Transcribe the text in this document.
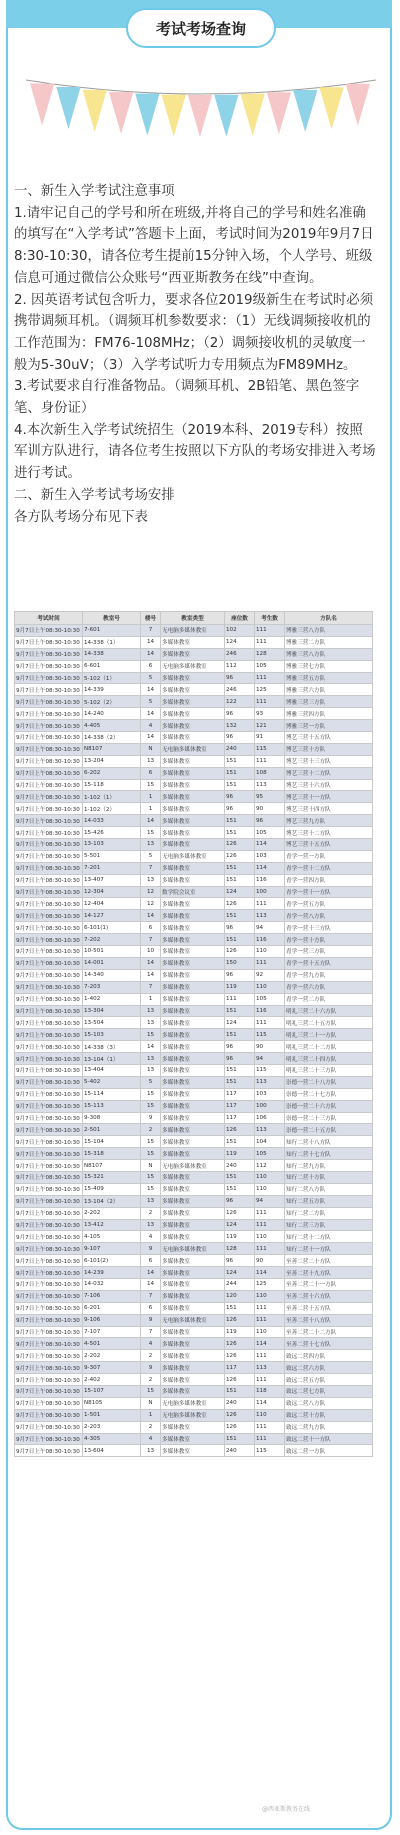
考试考场查询

一、新生入学考试注意事项

1.请牢记自己的学号和所在班级,并将自己的学号和姓名准确的填写在“入学考试”答题卡上面，考试时间为2019年9月7日8:30-10:30，请各位考生提前15分钟入场，个人学号、班级信息可通过微信公众账号“西亚斯教务在线”中查询。

2. 因英语考试包含听力，要求各位2019级新生在考试时必须携带调频耳机。（调频耳机参数要求：（1）无线调频接收机的工作范围为：FM76-108MHz；（2）调频接收机的灵敏度一般为5-30uV；（3）入学考试听力专用频点为FM89MHz。

3.考试要求自行准备物品。（调频耳机、2B铅笔、黑色签字笔、身份证）

4.本次新生入学考试统招生（2019本科、2019专科）按照军训方队进行，请各位考生按照以下方队的考场安排进入考场进行考试。

二、新生入学考试考场安排

各方队考场分布见下表

考试时间	教室号	楼号	教室类型	座位数	考生数	方队名
9月7日上午08:30-10:30	7-601	7	无电脑多媒体教室	102	111	博雅三营八方队
9月7日上午08:30-10:30	14-338（1）	14	多媒体教室	124	111	博雅三营二方队
9月7日上午08:30-10:30	14-338	14	多媒体教室	246	128	博雅三营八方队
9月7日上午08:30-10:30	6-601	6	无电脑多媒体教室	112	105	博雅三营七方队
9月7日上午08:30-10:30	5-102（1）	5	多媒体教室	96	111	博雅三营五方队
9月7日上午08:30-10:30	14-339	14	多媒体教室	246	125	博雅三营六方队
9月7日上午08:30-10:30	5-102（2）	5	多媒体教室	122	111	博雅三营三方队
9月7日上午08:30-10:30	14-240	14	多媒体教室	96	93	博雅三营四方队
9月7日上午08:30-10:30	4-405	4	多媒体教室	132	121	博雅三营一方队
9月7日上午08:30-10:30	14-338（2）	14	多媒体教室	96	91	博艺三营十五方队
9月7日上午08:30-10:30	N8107	N	无电脑多媒体教室	240	115	博艺三营十方队
9月7日上午08:30-10:30	13-204	13	多媒体教室	151	111	博艺三营十三方队
9月7日上午08:30-10:30	6-202	6	多媒体教室	151	108	博艺三营十二方队
9月7日上午08:30-10:30	15-118	15	多媒体教室	151	113	博艺三营十六方队
9月7日上午08:30-10:30	1-102（1）	1	多媒体教室	96	95	博艺三营十一方队
9月7日上午08:30-10:30	1-102（2）	1	多媒体教室	96	90	博艺三营十四方队
9月7日上午08:30-10:30	14-033	14	多媒体教室	151	96	博艺三营九方队
9月7日上午08:30-10:30	15-426	15	多媒体教室	151	105	博艺三营十二方队
9月7日上午08:30-10:30	13-103	13	多媒体教室	126	114	博艺三营十五方队
9月7日上午08:30-10:30	5-501	5	无电脑多媒体教室	126	103	青学一营一方队
9月7日上午08:30-10:30	7-201	7	多媒体教室	151	114	青学一营十二方队
9月7日上午08:30-10:30	13-407	13	多媒体教室	151	116	青学一营四方队
9月7日上午08:30-10:30	12-304	12	数学院会议室	124	100	青学一营十一方队
9月7日上午08:30-10:30	12-404	12	多媒体教室	126	111	青学一营五方队
9月7日上午08:30-10:30	14-127	14	多媒体教室	151	113	青学一营八方队
9月7日上午08:30-10:30	6-101(1)	6	多媒体教室	96	94	青学一营十三方队
9月7日上午08:30-10:30	7-202	7	多媒体教室	151	116	青学一营十方队
9月7日上午08:30-10:30	10-501	10	多媒体教室	126	110	青学一营三方队
9月7日上午08:30-10:30	14-001	14	多媒体教室	150	111	青学一营十五方队
9月7日上午08:30-10:30	14-340	14	多媒体教室	96	92	青学一营九方队
9月7日上午08:30-10:30	7-203	7	多媒体教室	119	110	青学一营六方队
9月7日上午08:30-10:30	1-402	1	多媒体教室	111	105	青学一营二方队
9月7日上午08:30-10:30	13-304	13	多媒体教室	151	116	明礼三营二十六方队
9月7日上午08:30-10:30	13-504	13	多媒体教室	124	111	明礼三营二十五方队
9月7日上午08:30-10:30	15-103	15	多媒体教室	151	115	明礼三营二十一方队
9月7日上午08:30-10:30	14-338（3）	14	多媒体教室	96	90	明礼三营二十二方队
9月7日上午08:30-10:30	13-104（1）	13	多媒体教室	96	94	明礼三营二十四方队
9月7日上午08:30-10:30	13-404	13	多媒体教室	151	115	明礼三营二十三方队
9月7日上午08:30-10:30	5-402	5	多媒体教室	151	113	崇德一营二十八方队
9月7日上午08:30-10:30	15-114	15	多媒体教室	117	103	崇德一营二十七方队
9月7日上午08:30-10:30	15-113	15	多媒体教室	117	100	崇德一营二十六方队
9月7日上午08:30-10:30	9-308	9	多媒体教室	117	106	崇德一营二十三方队
9月7日上午08:30-10:30	2-501	2	多媒体教室	126	113	崇德一营二十五方队
9月7日上午08:30-10:30	15-104	15	多媒体教室	151	104	知行二营十八方队
9月7日上午08:30-10:30	15-318	15	多媒体教室	119	105	知行二营十七方队
9月7日上午08:30-10:30	N8107	N	无电脑多媒体教室	240	112	知行二营九方队
9月7日上午08:30-10:30	15-321	15	多媒体教室	151	110	知行二营十方队
9月7日上午08:30-10:30	15-409	15	多媒体教室	151	110	知行二营八方队
9月7日上午08:30-10:30	13-104（2）	13	多媒体教室	96	94	知行二营五方队
9月7日上午08:30-10:30	2-202	2	多媒体教室	126	111	知行二营二方队
9月7日上午08:30-10:30	13-412	13	多媒体教室	124	111	知行二营三方队
9月7日上午08:30-10:30	4-105	4	多媒体教室	119	110	知行二营十二方队
9月7日上午08:30-10:30	9-107	9	无电脑多媒体教室	128	111	知行二营十一方队
9月7日上午08:30-10:30	6-101(2)	6	多媒体教室	96	90	至善二营二十方队
9月7日上午08:30-10:30	14-239	14	多媒体教室	124	114	至善二营十九方队
9月7日上午08:30-10:30	14-032	14	多媒体教室	244	125	至善二营二十一方队
9月7日上午08:30-10:30	7-106	7	多媒体教室	120	110	至善二营十六方队
9月7日上午08:30-10:30	6-201	6	多媒体教室	151	111	至善二营十五方队
9月7日上午08:30-10:30	9-106	9	无电脑多媒体教室	126	111	至善二营十八方队
9月7日上午08:30-10:30	7-107	7	多媒体教室	119	110	至善二营二十二方队
9月7日上午08:30-10:30	4-501	4	多媒体教室	126	114	至善二营十七方队
9月7日上午08:30-10:30	2-202	2	多媒体教室	126	111	致远二营四方队
9月7日上午08:30-10:30	9-307	9	多媒体教室	117	113	致远二营六方队
9月7日上午08:30-10:30	2-402	2	多媒体教室	126	111	致远二营五方队
9月7日上午08:30-10:30	15-107	15	多媒体教室	151	118	致远二营七方队
9月7日上午08:30-10:30	N8105	N	无电脑多媒体教室	240	114	致远二营八方队
9月7日上午08:30-10:30	1-501	1	无电脑多媒体教室	126	110	致远二营十方队
9月7日上午08:30-10:30	2-203	2	多媒体教室	126	111	致远二营九方队
9月7日上午08:30-10:30	4-305	4	多媒体教室	151	111	致远二营十一方队
9月7日上午08:30-10:30	13-604	13	多媒体教室	240	115	致远二营一方队
@西亚斯教务在线
